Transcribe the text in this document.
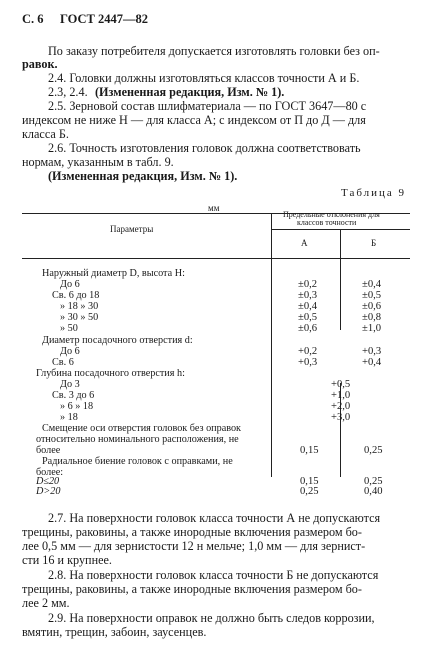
С. 6 ГОСТ 2447—82
По заказу потребителя допускается изготовлять головки без оп-
равок.
2.4. Головки должны изготовляться классов точности А и Б.
2.3, 2.4. (Измененная редакция, Изм. № 1).
2.5. Зерновой состав шлифматериала — по ГОСТ 3647—80 с
индексом не ниже Н — для класса А; с индексом от П до Д — для
класса Б.
2.6. Точность изготовления головок должна соответствовать
нормам, указанным в табл. 9.
(Измененная редакция, Изм. № 1).
Таблица 9
мм
Параметры
Предельные отклонения для
классов точности
А	Б
Наружный диаметр D, высота Н:
До 6
Св. 6 до 18
» 18 » 30
» 30 » 50
» 50
Диаметр посадочного отверстия d:
До 6
Св. 6
Глубина посадочного отверстия h:
До 3
Св. 3 до 6
» 6 » 18
» 18
Смещение оси отверстия головок без оправок
относительно номинального расположения, не
более
Радиальное биение головок с оправками, не
более:
D≤20
D>20
±0,2
±0,3
±0,4
±0,5
±0,6
+0,2
+0,3
0,15
0,15
0,25
±0,4
±0,5
±0,6
±0,8
±1,0
+0,3
+0,4
0,25
0,25
0,40
+0,5
+1,0
+2,0
+3,0
2.7. На поверхности головок класса точности А не допускаются
трещины, раковины, а также инородные включения размером бо-
лее 0,5 мм — для зернистости 12 н мельче; 1,0 мм — для зернист-
сти 16 и крупнее.
2.8. На поверхности головок класса точности Б не допускаются
трещины, раковины, а также инородные включения размером бо-
лее 2 мм.
2.9. На поверхности оправок не должно быть следов коррозии,
вмятин, трещин, забоин, заусенцев.
